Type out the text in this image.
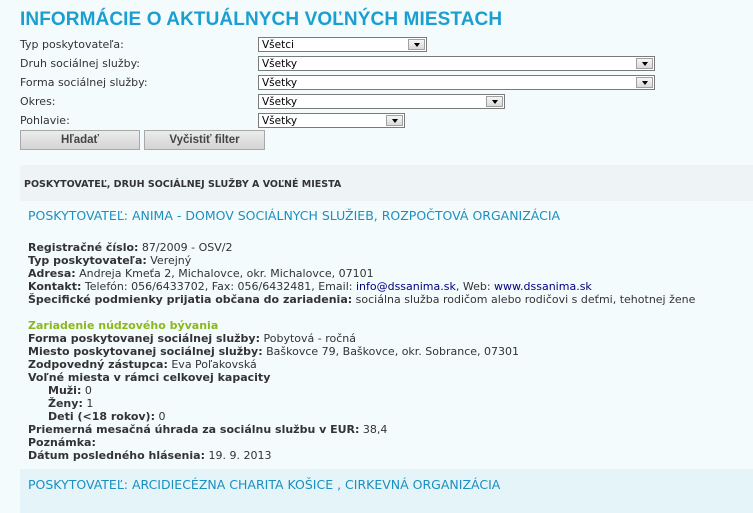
INFORMÁCIE O AKTUÁLNYCH VOĽNÝCH MIESTACH
Typ poskytovateľa:	Všetci
Druh sociálnej služby:	Všetky
Forma sociálnej služby:	Všetky
Okres:	Všetky
Pohlavie:	Všetky
Hľadať	Vyčistiť filter
POSKYTOVATEĽ, DRUH SOCIÁLNEJ SLUŽBY A VOĽNÉ MIESTA
POSKYTOVATEĽ: ANIMA - DOMOV SOCIÁLNYCH SLUŽIEB, ROZPOČTOVÁ ORGANIZÁCIA
Registračné číslo: 87/2009 - OSV/2
Typ poskytovateľa: Verejný
Adresa: Andreja Kmeťa 2, Michalovce, okr. Michalovce, 07101
Kontakt: Telefón: 056/6433702, Fax: 056/6432481, Email: info@dssanima.sk, Web: www.dssanima.sk
Špecifické podmienky prijatia občana do zariadenia: sociálna služba rodičom alebo rodičovi s deťmi, tehotnej žene
Zariadenie núdzového bývania
Forma poskytovanej sociálnej služby: Pobytová - ročná
Miesto poskytovanej sociálnej služby: Baškovce 79, Baškovce, okr. Sobrance, 07301
Zodpovedný zástupca: Eva Poľakovská
Voľné miesta v rámci celkovej kapacity
Muži: 0
Ženy: 1
Deti (<18 rokov): 0
Priemerná mesačná úhrada za sociálnu službu v EUR: 38,4
Poznámka:
Dátum posledného hlásenia: 19. 9. 2013
POSKYTOVATEĽ: ARCIDIECÉZNA CHARITA KOŠICE , CIRKEVNÁ ORGANIZÁCIA
